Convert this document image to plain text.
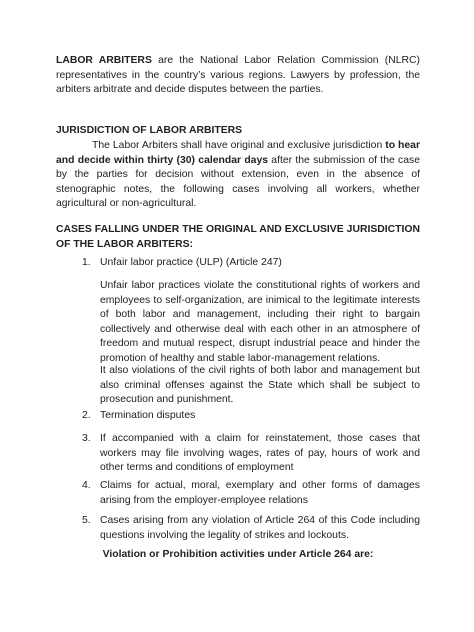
LABOR ARBITERS are the National Labor Relation Commission (NLRC) representatives in the country’s various regions. Lawyers by profession, the arbiters arbitrate and decide disputes between the parties.

JURISDICTION OF LABOR ARBITERS

The Labor Arbiters shall have original and exclusive jurisdiction to hear and decide within thirty (30) calendar days after the submission of the case by the parties for decision without extension, even in the absence of stenographic notes, the following cases involving all workers, whether agricultural or non-agricultural.

CASES FALLING UNDER THE ORIGINAL AND EXCLUSIVE JURISDICTION OF THE LABOR ARBITERS:

1. Unfair labor practice (ULP) (Article 247)

Unfair labor practices violate the constitutional rights of workers and employees to self-organization, are inimical to the legitimate interests of both labor and management, including their right to bargain collectively and otherwise deal with each other in an atmosphere of freedom and mutual respect, disrupt industrial peace and hinder the promotion of healthy and stable labor-management relations.

It also violations of the civil rights of both labor and management but also criminal offenses against the State which shall be subject to prosecution and punishment.

2. Termination disputes
3. If accompanied with a claim for reinstatement, those cases that workers may file involving wages, rates of pay, hours of work and other terms and conditions of employment
4. Claims for actual, moral, exemplary and other forms of damages arising from the employer-employee relations
5. Cases arising from any violation of Article 264 of this Code including questions involving the legality of strikes and lockouts.

Violation or Prohibition activities under Article 264 are:
